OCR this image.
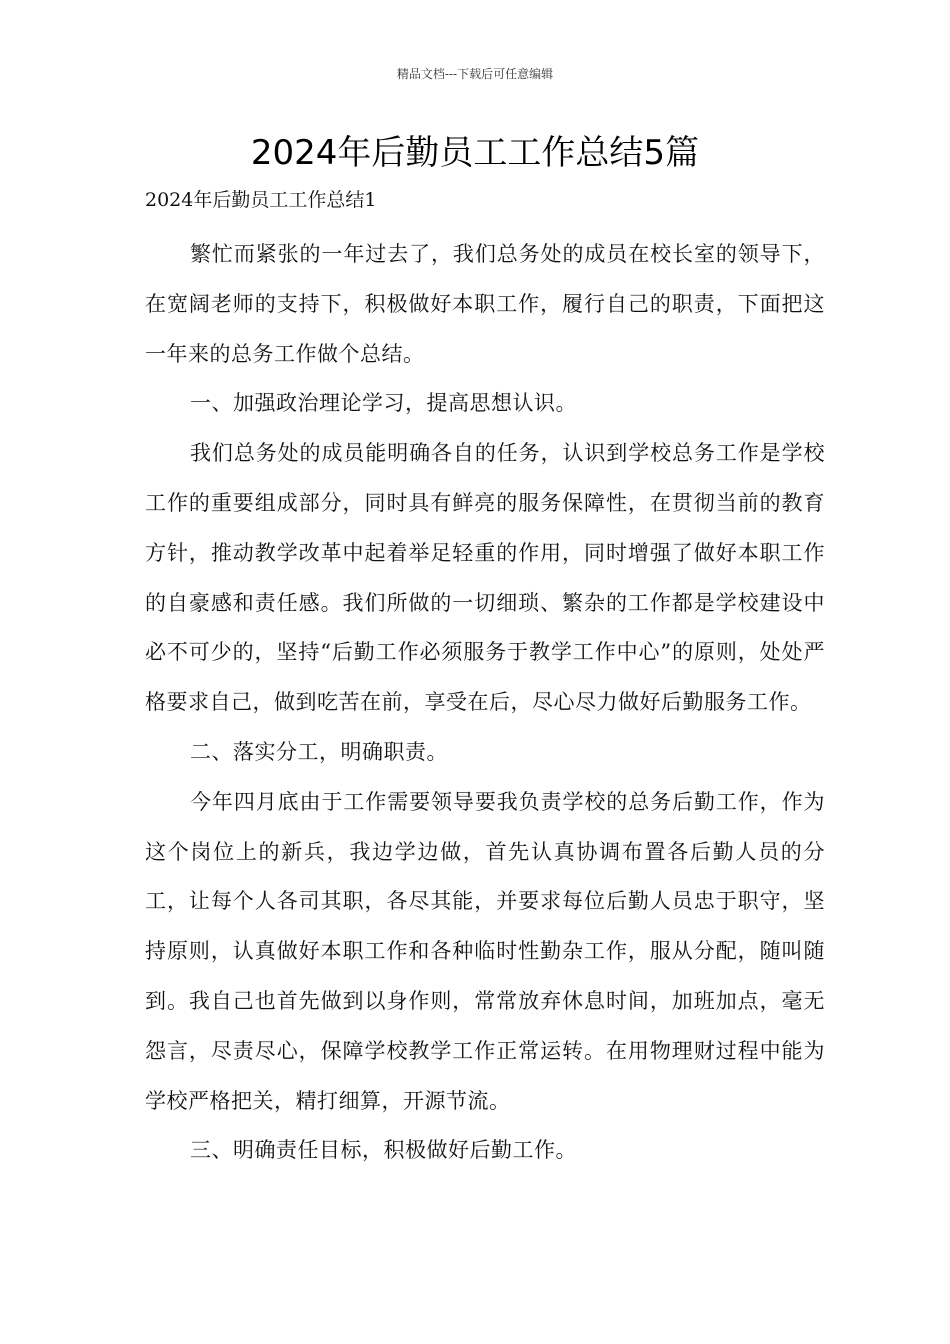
精品文档---下载后可任意编辑
2024年后勤员工工作总结5篇
2024年后勤员工工作总结1

繁忙而紧张的一年过去了，我们总务处的成员在校长室的领导下，在宽阔老师的支持下，积极做好本职工作，履行自己的职责，下面把这一年来的总务工作做个总结。

一、加强政治理论学习，提高思想认识。

我们总务处的成员能明确各自的任务，认识到学校总务工作是学校工作的重要组成部分，同时具有鲜亮的服务保障性，在贯彻当前的教育方针，推动教学改革中起着举足轻重的作用，同时增强了做好本职工作的自豪感和责任感。我们所做的一切细琐、繁杂的工作都是学校建设中必不可少的，坚持“后勤工作必须服务于教学工作中心”的原则，处处严格要求自己，做到吃苦在前，享受在后，尽心尽力做好后勤服务工作。

二、落实分工，明确职责。

今年四月底由于工作需要领导要我负责学校的总务后勤工作，作为这个岗位上的新兵，我边学边做，首先认真协调布置各后勤人员的分工，让每个人各司其职，各尽其能，并要求每位后勤人员忠于职守，坚持原则，认真做好本职工作和各种临时性勤杂工作，服从分配，随叫随到。我自己也首先做到以身作则，常常放弃休息时间，加班加点，毫无怨言，尽责尽心，保障学校教学工作正常运转。在用物理财过程中能为学校严格把关，精打细算，开源节流。

三、明确责任目标，积极做好后勤工作。
